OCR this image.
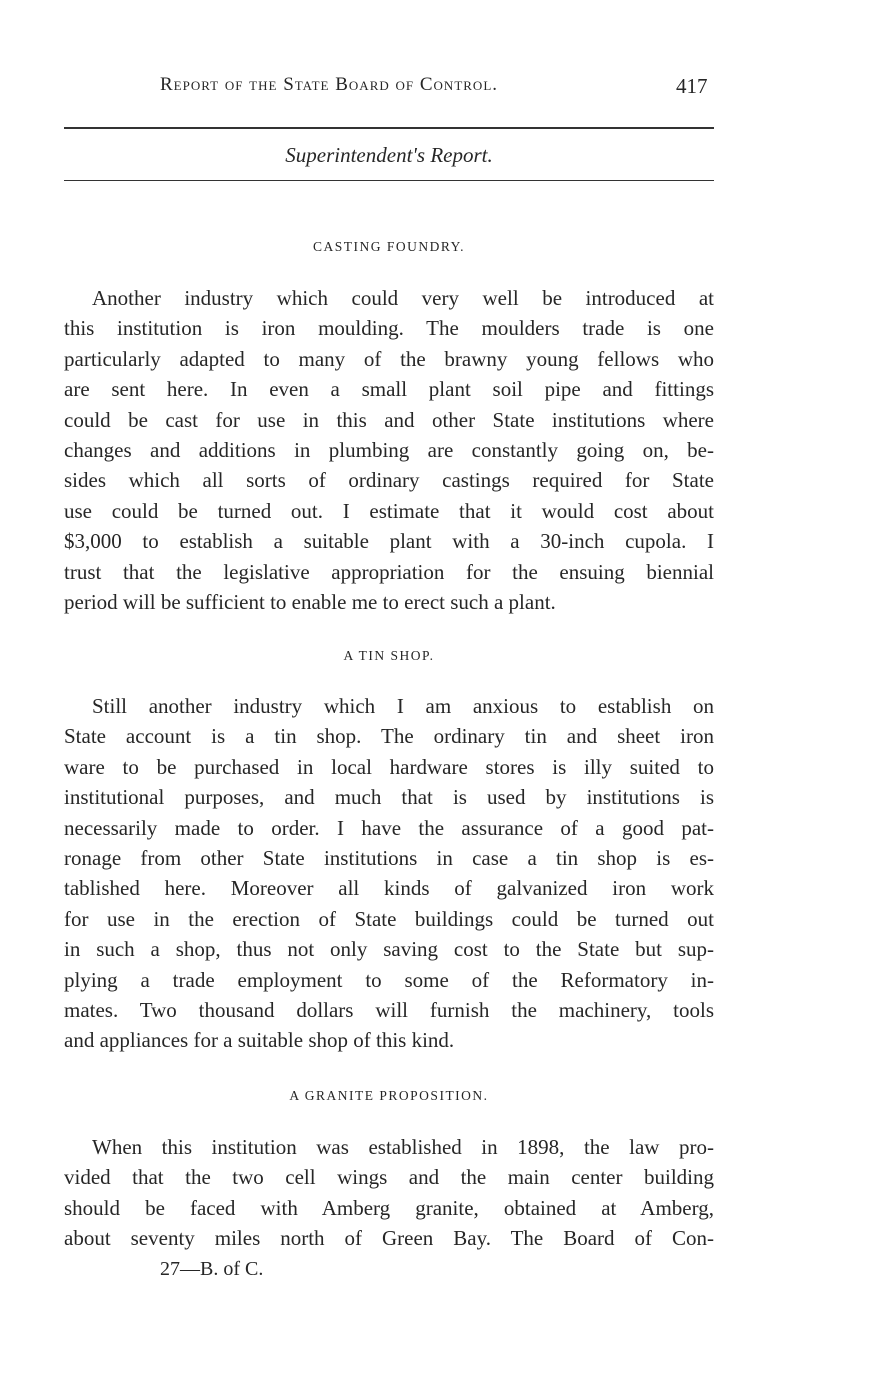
Report of the State Board of Control.	417
Superintendent's Report.
CASTING FOUNDRY.
Another industry which could very well be introduced at
this institution is iron moulding. The moulders trade is one
particularly adapted to many of the brawny young fellows who
are sent here. In even a small plant soil pipe and fittings
could be cast for use in this and other State institutions where
changes and additions in plumbing are constantly going on, be-
sides which all sorts of ordinary castings required for State
use could be turned out. I estimate that it would cost about
$3,000 to establish a suitable plant with a 30-inch cupola. I
trust that the legislative appropriation for the ensuing biennial
period will be sufficient to enable me to erect such a plant.
A TIN SHOP.
Still another industry which I am anxious to establish on
State account is a tin shop. The ordinary tin and sheet iron
ware to be purchased in local hardware stores is illy suited to
institutional purposes, and much that is used by institutions is
necessarily made to order. I have the assurance of a good pat-
ronage from other State institutions in case a tin shop is es-
tablished here. Moreover all kinds of galvanized iron work
for use in the erection of State buildings could be turned out
in such a shop, thus not only saving cost to the State but sup-
plying a trade employment to some of the Reformatory in-
mates. Two thousand dollars will furnish the machinery, tools
and appliances for a suitable shop of this kind.
A GRANITE PROPOSITION.
When this institution was established in 1898, the law pro-
vided that the two cell wings and the main center building
should be faced with Amberg granite, obtained at Amberg,
about seventy miles north of Green Bay. The Board of Con-
27—B. of C.
